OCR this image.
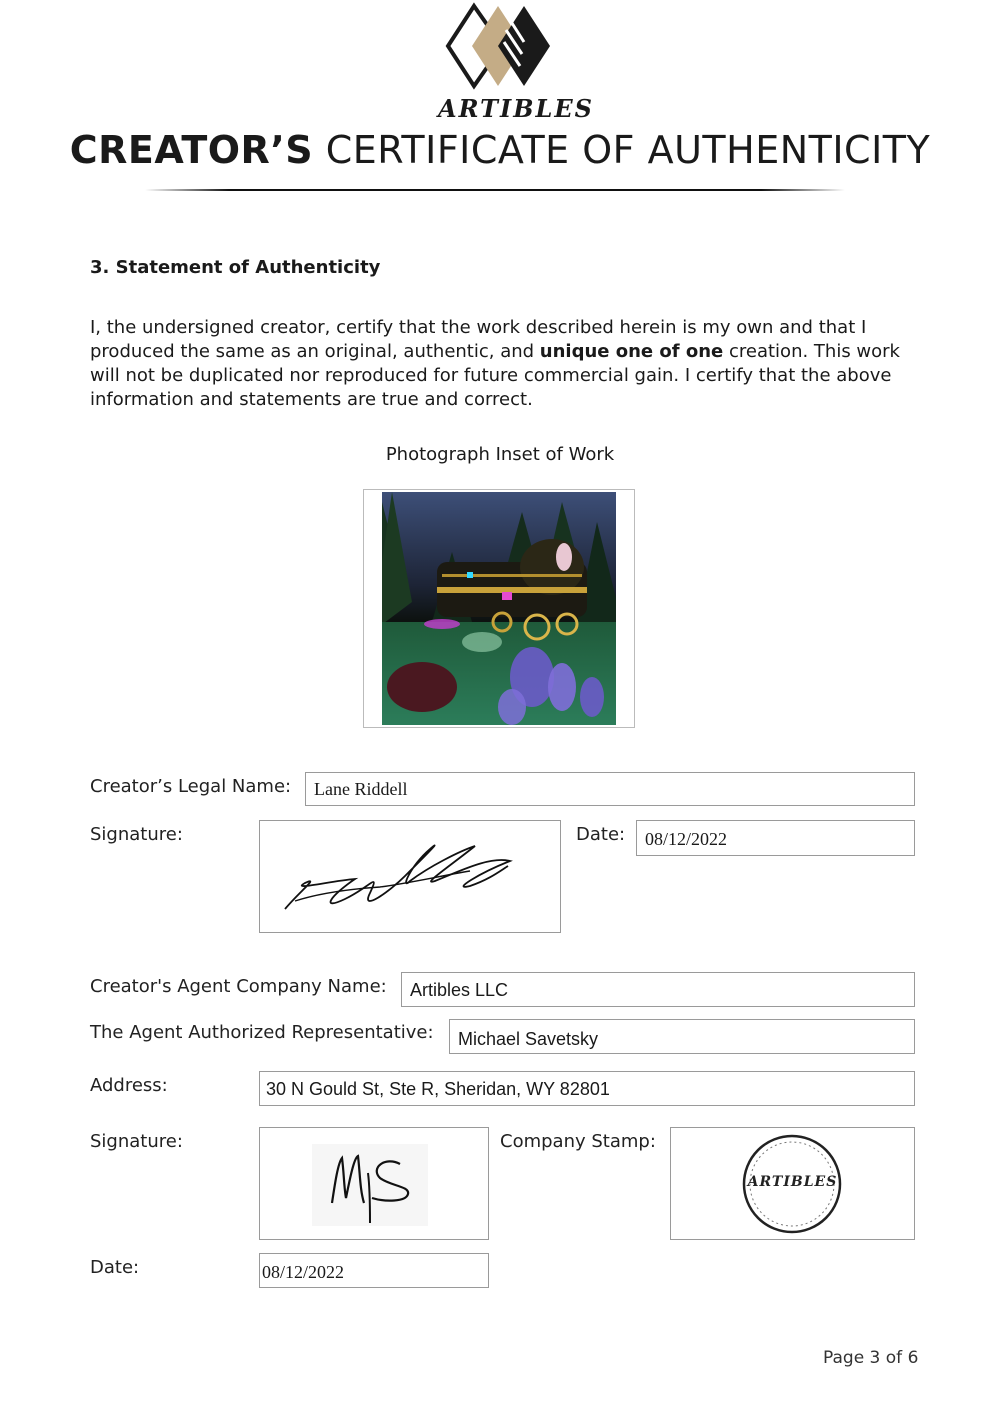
ARTIBLES
CREATOR’S CERTIFICATE OF AUTHENTICITY
3. Statement of Authenticity
I, the undersigned creator, certify that the work described herein is my own and that I produced the same as an original, authentic, and unique one of one creation. This work will not be duplicated nor reproduced for future commercial gain. I certify that the above information and statements are true and correct.
Photograph Inset of Work
Creator’s Legal Name:	Lane Riddell
Signature:	Date:	08/12/2022
Creator's Agent Company Name:	Artibles LLC
The Agent Authorized Representative:	Michael Savetsky
Address:	30 N Gould St, Ste R, Sheridan, WY 82801
Signature:	Company Stamp:
ARTIBLES
Date:	08/12/2022
Page 3 of 6
